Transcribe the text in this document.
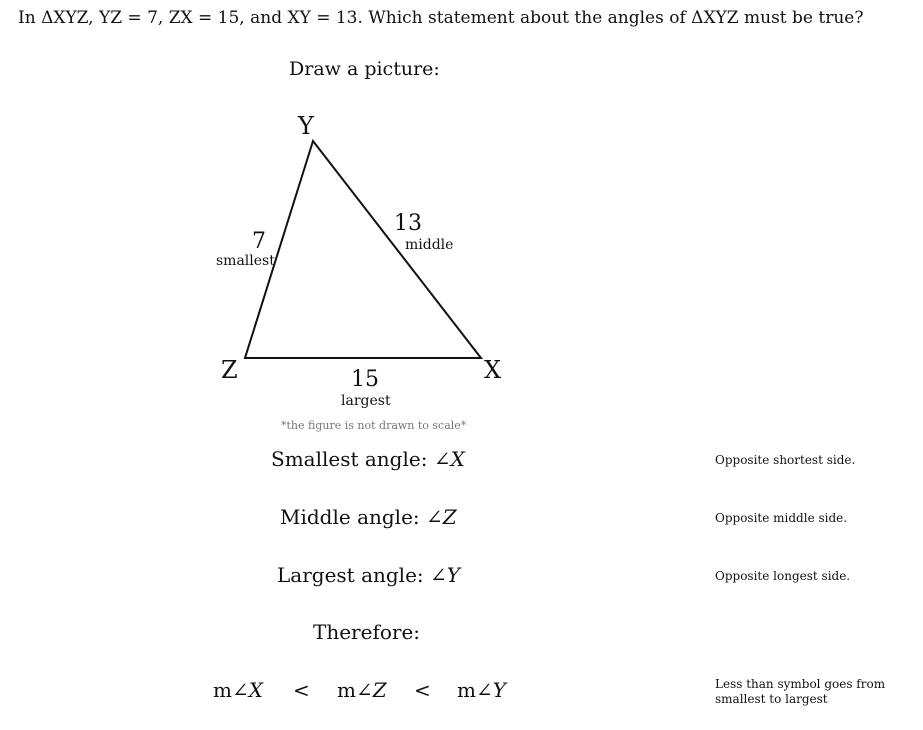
In ΔXYZ, YZ = 7, ZX = 15, and XY = 13. Which statement about the angles of ΔXYZ must be true?
Draw a picture:
Y
Z	X
7
smallest
13
middle
15
largest
*the figure is not drawn to scale*
Smallest angle: ∠X	Opposite shortest side.
Middle angle: ∠Z	Opposite middle side.
Largest angle: ∠Y	Opposite longest side.
Therefore:
m∠X < m∠Z < m∠Y	Less than symbol goes from smallest to largest
